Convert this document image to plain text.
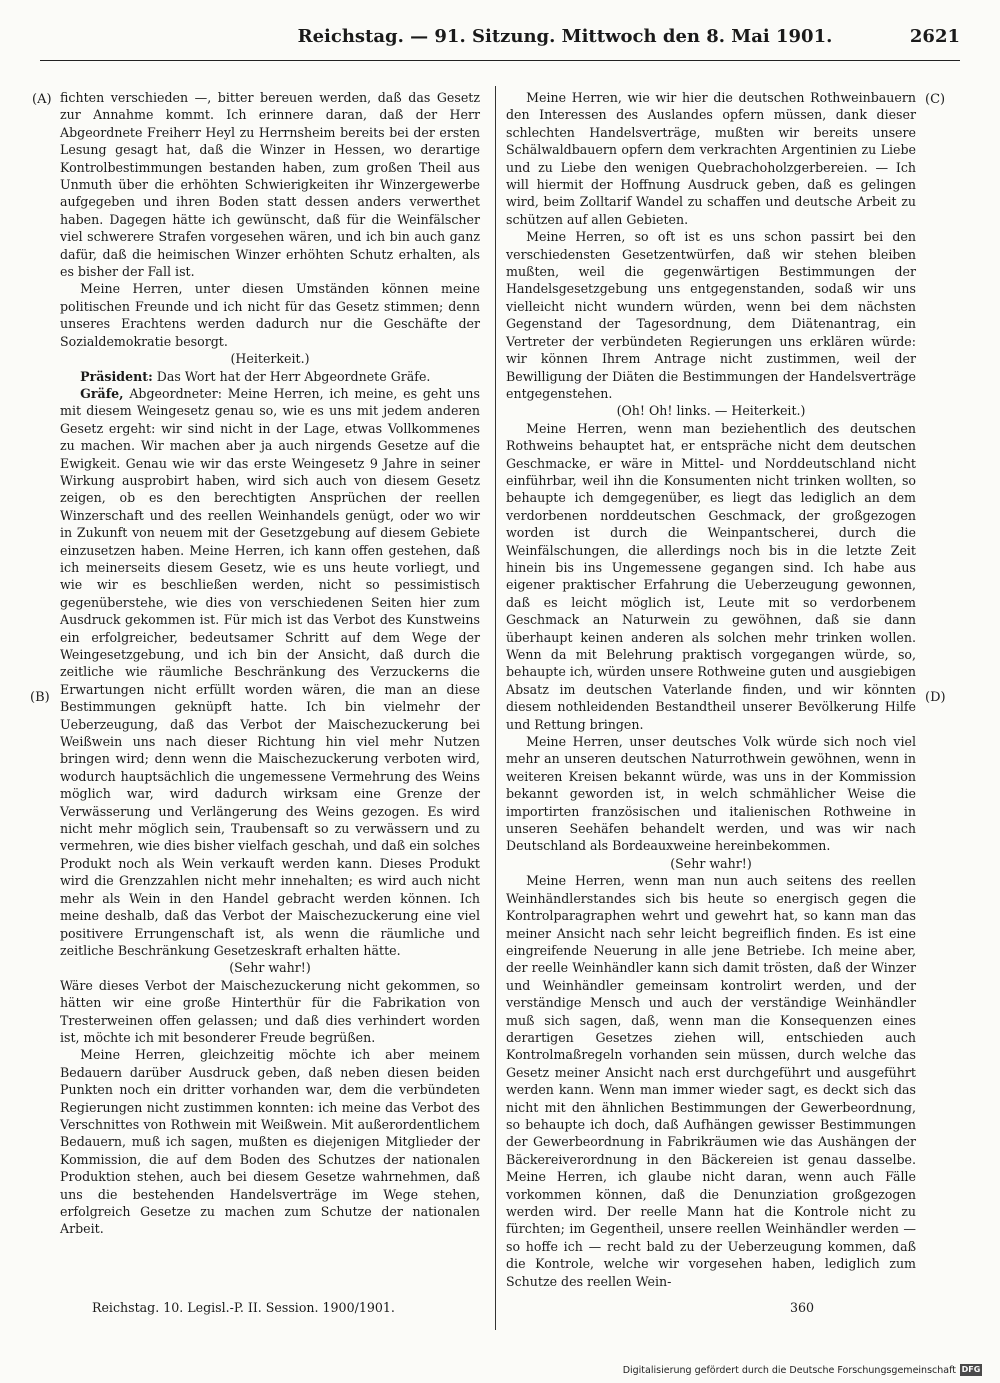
Reichstag. — 91. Sitzung. Mittwoch den 8. Mai 1901.	2621
(A)
(B)
(C)
(D)

fichten verschieden —, bitter bereuen werden, daß das Gesetz zur Annahme kommt. Ich erinnere daran, daß der Herr Abgeordnete Freiherr Heyl zu Herrnsheim bereits bei der ersten Lesung gesagt hat, daß die Winzer in Hessen, wo derartige Kontrolbestimmungen bestanden haben, zum großen Theil aus Unmuth über die erhöhten Schwierigkeiten ihr Winzergewerbe aufgegeben und ihren Boden statt dessen anders verwerthet haben. Dagegen hätte ich gewünscht, daß für die Weinfälscher viel schwerere Strafen vorgesehen wären, und ich bin auch ganz dafür, daß die heimischen Winzer erhöhten Schutz erhalten, als es bisher der Fall ist.

Meine Herren, unter diesen Umständen können meine politischen Freunde und ich nicht für das Gesetz stimmen; denn unseres Erachtens werden dadurch nur die Geschäfte der Sozialdemokratie besorgt.

(Heiterkeit.)

Präsident: Das Wort hat der Herr Abgeordnete Gräfe.

Gräfe, Abgeordneter: Meine Herren, ich meine, es geht uns mit diesem Weingesetz genau so, wie es uns mit jedem anderen Gesetz ergeht: wir sind nicht in der Lage, etwas Vollkommenes zu machen. Wir machen aber ja auch nirgends Gesetze auf die Ewigkeit. Genau wie wir das erste Weingesetz 9 Jahre in seiner Wirkung ausprobirt haben, wird sich auch von diesem Gesetz zeigen, ob es den berechtigten Ansprüchen der reellen Winzerschaft und des reellen Weinhandels genügt, oder wo wir in Zukunft von neuem mit der Gesetzgebung auf diesem Gebiete einzusetzen haben. Meine Herren, ich kann offen gestehen, daß ich meinerseits diesem Gesetz, wie es uns heute vorliegt, und wie wir es beschließen werden, nicht so pessimistisch gegenüberstehe, wie dies von verschiedenen Seiten hier zum Ausdruck gekommen ist. Für mich ist das Verbot des Kunstweins ein erfolgreicher, bedeutsamer Schritt auf dem Wege der Weingesetzgebung, und ich bin der Ansicht, daß durch die zeitliche wie räumliche Beschränkung des Verzuckerns die Erwartungen nicht erfüllt worden wären, die man an diese Bestimmungen geknüpft hatte. Ich bin vielmehr der Ueberzeugung, daß das Verbot der Maischezuckerung bei Weißwein uns nach dieser Richtung hin viel mehr Nutzen bringen wird; denn wenn die Maischezuckerung verboten wird, wodurch hauptsächlich die ungemessene Vermehrung des Weins möglich war, wird dadurch wirksam eine Grenze der Verwässerung und Verlängerung des Weins gezogen. Es wird nicht mehr möglich sein, Traubensaft so zu verwässern und zu vermehren, wie dies bisher vielfach geschah, und daß ein solches Produkt noch als Wein verkauft werden kann. Dieses Produkt wird die Grenzzahlen nicht mehr innehalten; es wird auch nicht mehr als Wein in den Handel gebracht werden können. Ich meine deshalb, daß das Verbot der Maischezuckerung eine viel positivere Errungenschaft ist, als wenn die räumliche und zeitliche Beschränkung Gesetzeskraft erhalten hätte.

(Sehr wahr!)

Wäre dieses Verbot der Maischezuckerung nicht gekommen, so hätten wir eine große Hinterthür für die Fabrikation von Tresterweinen offen gelassen; und daß dies verhindert worden ist, möchte ich mit besonderer Freude begrüßen.

Meine Herren, gleichzeitig möchte ich aber meinem Bedauern darüber Ausdruck geben, daß neben diesen beiden Punkten noch ein dritter vorhanden war, dem die verbündeten Regierungen nicht zustimmen konnten: ich meine das Verbot des Verschnittes von Rothwein mit Weißwein. Mit außerordentlichem Bedauern, muß ich sagen, mußten es diejenigen Mitglieder der Kommission, die auf dem Boden des Schutzes der nationalen Produktion stehen, auch bei diesem Gesetze wahrnehmen, daß uns die bestehenden Handelsverträge im Wege stehen, erfolgreich Gesetze zu machen zum Schutze der nationalen Arbeit.

Meine Herren, wie wir hier die deutschen Rothweinbauern den Interessen des Auslandes opfern müssen, dank dieser schlechten Handelsverträge, mußten wir bereits unsere Schälwaldbauern opfern dem verkrachten Argentinien zu Liebe und zu Liebe den wenigen Quebrachoholzgerbereien. — Ich will hiermit der Hoffnung Ausdruck geben, daß es gelingen wird, beim Zolltarif Wandel zu schaffen und deutsche Arbeit zu schützen auf allen Gebieten.

Meine Herren, so oft ist es uns schon passirt bei den verschiedensten Gesetzentwürfen, daß wir stehen bleiben mußten, weil die gegenwärtigen Bestimmungen der Handelsgesetzgebung uns entgegenstanden, sodaß wir uns vielleicht nicht wundern würden, wenn bei dem nächsten Gegenstand der Tagesordnung, dem Diätenantrag, ein Vertreter der verbündeten Regierungen uns erklären würde: wir können Ihrem Antrage nicht zustimmen, weil der Bewilligung der Diäten die Bestimmungen der Handelsverträge entgegenstehen.

(Oh! Oh! links. — Heiterkeit.)

Meine Herren, wenn man beziehentlich des deutschen Rothweins behauptet hat, er entspräche nicht dem deutschen Geschmacke, er wäre in Mittel- und Norddeutschland nicht einführbar, weil ihn die Konsumenten nicht trinken wollten, so behaupte ich demgegenüber, es liegt das lediglich an dem verdorbenen norddeutschen Geschmack, der großgezogen worden ist durch die Weinpantscherei, durch die Weinfälschungen, die allerdings noch bis in die letzte Zeit hinein bis ins Ungemessene gegangen sind. Ich habe aus eigener praktischer Erfahrung die Ueberzeugung gewonnen, daß es leicht möglich ist, Leute mit so verdorbenem Geschmack an Naturwein zu gewöhnen, daß sie dann überhaupt keinen anderen als solchen mehr trinken wollen. Wenn da mit Belehrung praktisch vorgegangen würde, so, behaupte ich, würden unsere Rothweine guten und ausgiebigen Absatz im deutschen Vaterlande finden, und wir könnten diesem nothleidenden Bestandtheil unserer Bevölkerung Hilfe und Rettung bringen.

Meine Herren, unser deutsches Volk würde sich noch viel mehr an unseren deutschen Naturrothwein gewöhnen, wenn in weiteren Kreisen bekannt würde, was uns in der Kommission bekannt geworden ist, in welch schmählicher Weise die importirten französischen und italienischen Rothweine in unseren Seehäfen behandelt werden, und was wir nach Deutschland als Bordeauxweine hereinbekommen.

(Sehr wahr!)

Meine Herren, wenn man nun auch seitens des reellen Weinhändlerstandes sich bis heute so energisch gegen die Kontrolparagraphen wehrt und gewehrt hat, so kann man das meiner Ansicht nach sehr leicht begreiflich finden. Es ist eine eingreifende Neuerung in alle jene Betriebe. Ich meine aber, der reelle Weinhändler kann sich damit trösten, daß der Winzer und Weinhändler gemeinsam kontrolirt werden, und der verständige Mensch und auch der verständige Weinhändler muß sich sagen, daß, wenn man die Konsequenzen eines derartigen Gesetzes ziehen will, entschieden auch Kontrolmaßregeln vorhanden sein müssen, durch welche das Gesetz meiner Ansicht nach erst durchgeführt und ausgeführt werden kann. Wenn man immer wieder sagt, es deckt sich das nicht mit den ähnlichen Bestimmungen der Gewerbeordnung, so behaupte ich doch, daß Aufhängen gewisser Bestimmungen der Gewerbeordnung in Fabrikräumen wie das Aushängen der Bäckereiverordnung in den Bäckereien ist genau dasselbe. Meine Herren, ich glaube nicht daran, wenn auch Fälle vorkommen können, daß die Denunziation großgezogen werden wird. Der reelle Mann hat die Kontrole nicht zu fürchten; im Gegentheil, unsere reellen Weinhändler werden — so hoffe ich — recht bald zu der Ueberzeugung kommen, daß die Kontrole, welche wir vorgesehen haben, lediglich zum Schutze des reellen Wein-

Reichstag. 10. Legisl.-P. II. Session. 1900/1901.	360
Digitalisierung gefördert durch die Deutsche Forschungsgemeinschaft DFG
